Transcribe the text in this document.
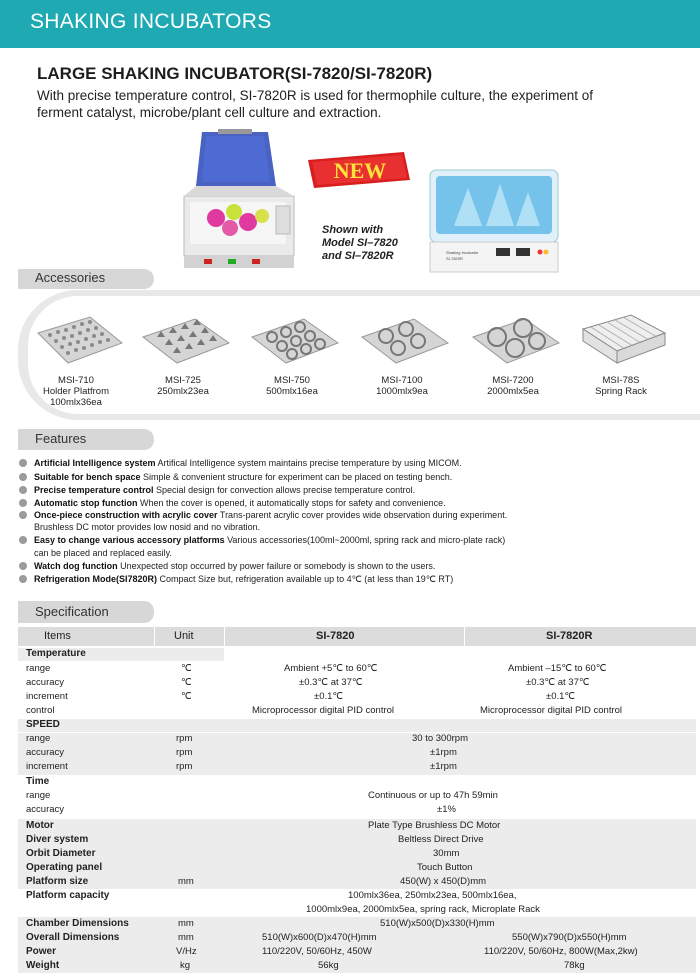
SHAKING INCUBATORS
LARGE SHAKING INCUBATOR(SI-7820/SI-7820R)
With precise temperature control, SI-7820R is used for thermophile culture, the experiment of
ferment catalyst, microbe/plant cell culture and extraction.
NEW
Shown with
Model SI–7820
and SI–7820R	Shaking Incubator
SI-7820R
Accessories
MSI-710
Holder Platfrom
100mlx36ea
MSI-725
250mlx23ea
MSI-750
500mlx16ea
MSI-7100
1000mlx9ea
MSI-7200
2000mlx5ea
MSI-78S
Spring Rack
Features
Artificial Intelligence system Artifical Intelligence system maintains precise temperature by using MICOM.
Suitable for bench space Simple & convenient structure for experiment can be placed on testing bench.
Precise temperature control Special design for convection allows precise temperature control.
Automatic stop function When the cover is opened, it automatically stops for safety and convenience.
Once-piece construction with acrylic cover Trans-parent acrylic cover provides wide observation during experiment.
Brushless DC motor provides low nosid and no vibration.
Easy to change various accessory platforms Various accessories(100ml~2000ml, spring rack and micro-plate rack)
can be placed and replaced easily.
Watch dog function Unexpected stop occurred by power failure or somebody is shown to the users.
Refrigeration Mode(SI7820R) Compact Size but, refrigeration available up to 4℃ (at less than 19℃ RT)
Specification
Items	Unit	SI-7820	SI-7820R
Temperature
range	℃	Ambient +5℃ to 60℃	Ambient –15℃ to 60℃
accuracy	℃	±0.3℃ at 37℃	±0.3℃ at 37℃
increment	℃	±0.1℃	±0.1℃
control	Microprocessor digital PID control	Microprocessor digital PID control
SPEED
range	rpm	30 to 300rpm
accuracy	rpm	±1rpm
increment	rpm	±1rpm
Time
range	Continuous or up to 47h 59min
accuracy	±1%
Motor	Plate Type Brushless DC Motor
Diver system	Beltless Direct Drive
Orbit Diameter	30mm
Operating panel	Touch Button
Platform size	mm	450(W) x 450(D)mm
Platform capacity	100mlx36ea, 250mlx23ea, 500mlx16ea,
1000mlx9ea, 2000mlx5ea, spring rack, Microplate Rack
Chamber Dimensions	mm	510(W)x500(D)x330(H)mm
Overall Dimensions	mm	510(W)x600(D)x470(H)mm	550(W)x790(D)x550(H)mm
Power	V/Hz	110/220V, 50/60Hz, 450W	110/220V, 50/60Hz, 800W(Max,2kw)
Weight	kg	56kg	78kg
